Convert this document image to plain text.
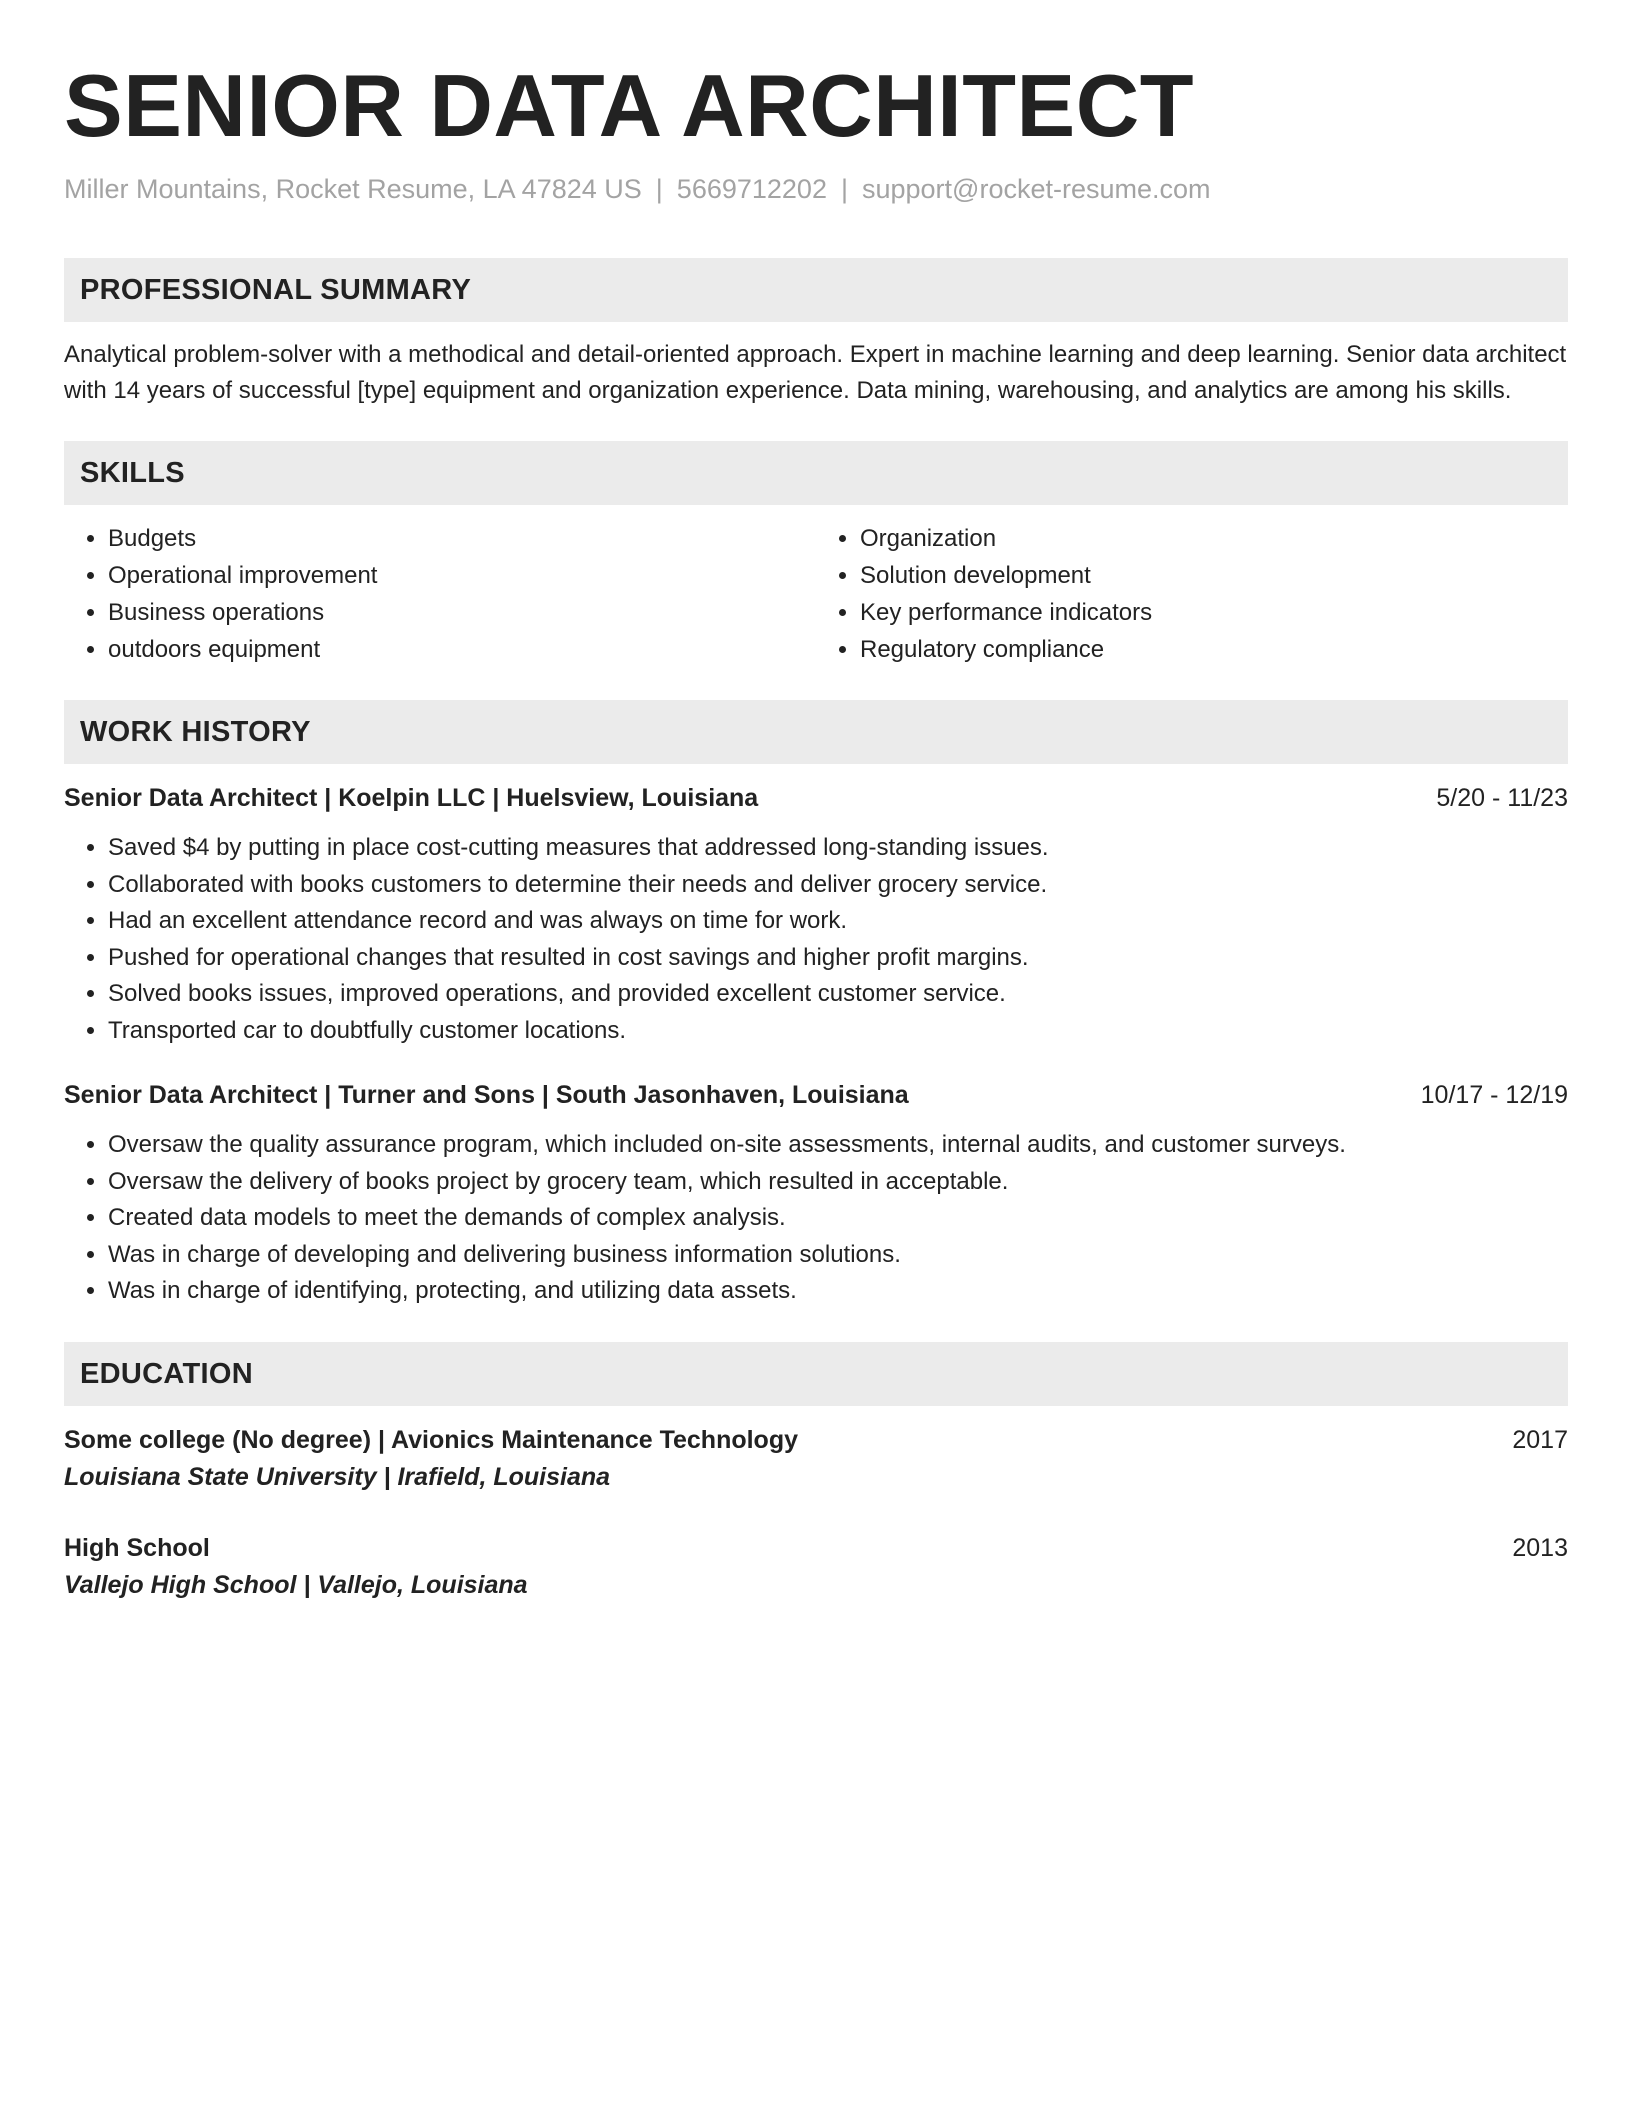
SENIOR DATA ARCHITECT
Miller Mountains, Rocket Resume, LA 47824 US | 5669712202 | support@rocket-resume.com
PROFESSIONAL SUMMARY

Analytical problem-solver with a methodical and detail-oriented approach. Expert in machine learning and deep learning. Senior data architect with 14 years of successful [type] equipment and organization experience. Data mining, warehousing, and analytics are among his skills.

SKILLS
• Budgets
• Operational improvement
• Business operations
• outdoors equipment
• Organization
• Solution development
• Key performance indicators
• Regulatory compliance
WORK HISTORY
Senior Data Architect | Koelpin LLC | Huelsview, Louisiana	5/20 - 11/23
• Saved $4 by putting in place cost-cutting measures that addressed long-standing issues.
• Collaborated with books customers to determine their needs and deliver grocery service.
• Had an excellent attendance record and was always on time for work.
• Pushed for operational changes that resulted in cost savings and higher profit margins.
• Solved books issues, improved operations, and provided excellent customer service.
• Transported car to doubtfully customer locations.
Senior Data Architect | Turner and Sons | South Jasonhaven, Louisiana	10/17 - 12/19
• Oversaw the quality assurance program, which included on-site assessments, internal audits, and customer surveys.
• Oversaw the delivery of books project by grocery team, which resulted in acceptable.
• Created data models to meet the demands of complex analysis.
• Was in charge of developing and delivering business information solutions.
• Was in charge of identifying, protecting, and utilizing data assets.
EDUCATION
Some college (No degree) | Avionics Maintenance Technology	2017
Louisiana State University | Irafield, Louisiana
High School	2013
Vallejo High School | Vallejo, Louisiana
